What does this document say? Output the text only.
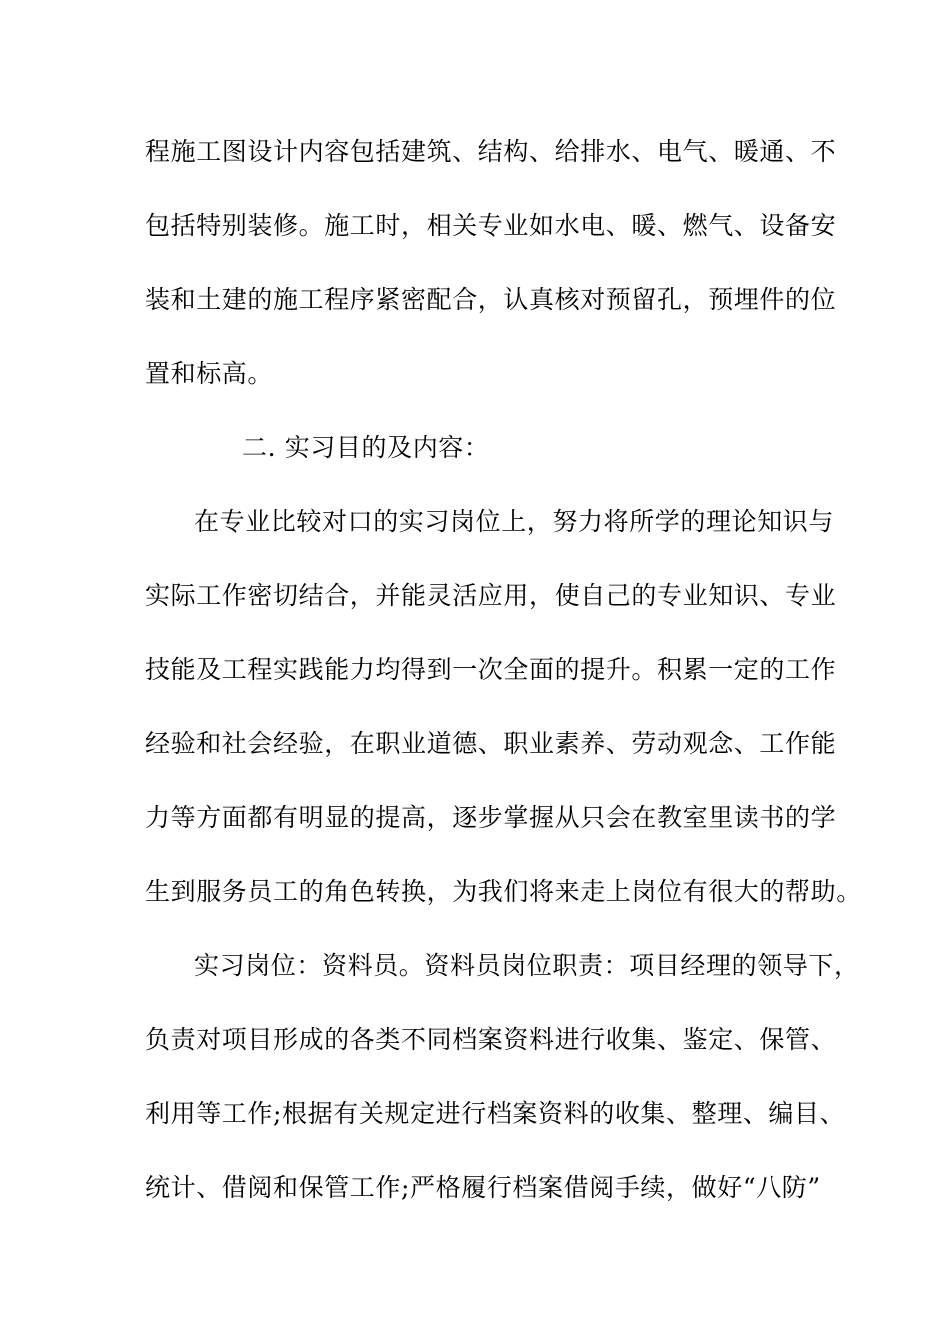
程施工图设计内容包括建筑、结构、给排水、电气、暖通、不
包括特别装修。施工时，相关专业如水电、暖、燃气、设备安
装和土建的施工程序紧密配合，认真核对预留孔，预埋件的位
置和标高。
二. 实习目的及内容：
在专业比较对口的实习岗位上，努力将所学的理论知识与
实际工作密切结合，并能灵活应用，使自己的专业知识、专业
技能及工程实践能力均得到一次全面的提升。积累一定的工作
经验和社会经验，在职业道德、职业素养、劳动观念、工作能
力等方面都有明显的提高，逐步掌握从只会在教室里读书的学
生到服务员工的角色转换，为我们将来走上岗位有很大的帮助。
实习岗位：资料员。资料员岗位职责：项目经理的领导下，
负责对项目形成的各类不同档案资料进行收集、鉴定、保管、
利用等工作;根据有关规定进行档案资料的收集、整理、编目、
统计、借阅和保管工作;严格履行档案借阅手续，做好“八防”
